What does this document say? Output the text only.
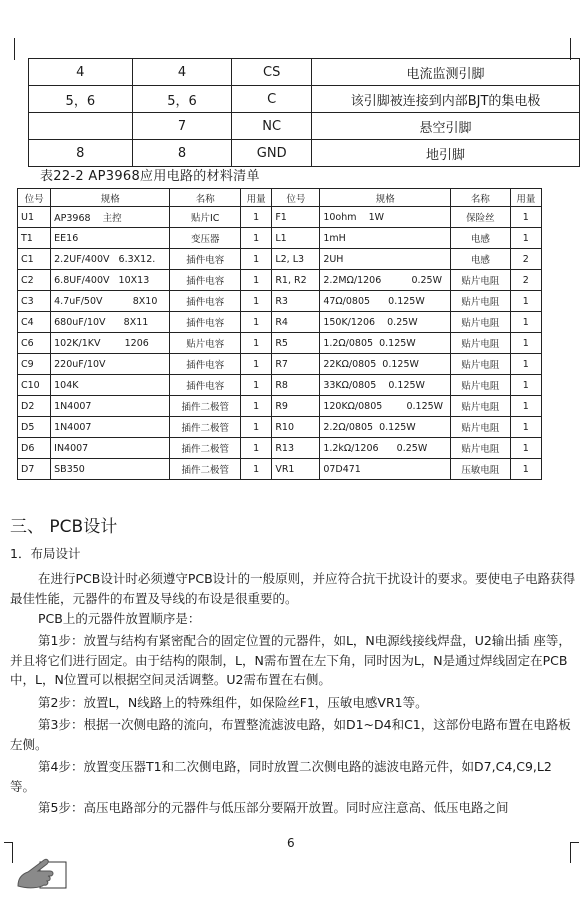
4	4	CS	电流监测引脚
5，6	5，6	C	该引脚被连接到内部BJT的集电极
	7	NC	悬空引脚
8	8	GND	地引脚
表22-2 AP3968应用电路的材料清单
位号	规格	名称	用量	位号	规格	名称	用量
U1	AP3968    主控	贴片IC	1	F1	10ohm    1W	保险丝	1
T1	EE16	变压器	1	L1	1mH	电感	1
C1	2.2UF/400V   6.3X12.	插件电容	1	L2, L3	2UH	电感	2
C2	6.8UF/400V   10X13	插件电容	1	R1, R2	2.2MΩ/1206          0.25W	贴片电阻	2
C3	4.7uF/50V          8X10	插件电容	1	R3	47Ω/0805      0.125W	贴片电阻	1
C4	680uF/10V      8X11	插件电容	1	R4	150K/1206    0.25W	贴片电阻	1
C6	102K/1KV        1206	贴片电容	1	R5	1.2Ω/0805  0.125W	贴片电阻	1
C9	220uF/10V	插件电容	1	R7	22KΩ/0805  0.125W	贴片电阻	1
C10	104K	插件电容	1	R8	33KΩ/0805    0.125W	贴片电阻	1
D2	1N4007	插件二极管	1	R9	120KΩ/0805        0.125W	贴片电阻	1
D5	1N4007	插件二极管	1	R10	2.2Ω/0805  0.125W	贴片电阻	1
D6	IN4007	插件二极管	1	R13	1.2kΩ/1206      0.25W	贴片电阻	1
D7	SB350	插件二极管	1	VR1	07D471	压敏电阻	1
三、 PCB设计
1．布局设计

在进行PCB设计时必须遵守PCB设计的一般原则，并应符合抗干扰设计的要求。要使电子电路获得最佳性能，元器件的布置及导线的布设是很重要的。

PCB上的元器件放置顺序是：

第1步：放置与结构有紧密配合的固定位置的元器件，如L，N电源线接线焊盘，U2输出插 座等，并且将它们进行固定。由于结构的限制，L，N需布置在左下角，同时因为L，N是通过焊线固定在PCB中，L，N位置可以根据空间灵活调整。U2需布置在右侧。

第2步：放置L，N线路上的特殊组件，如保险丝F1，压敏电感VR1等。

第3步：根据一次侧电路的流向，布置整流滤波电路，如D1~D4和C1，这部份电路布置在电路板左侧。

第4步：放置变压器T1和二次侧电路，同时放置二次侧电路的滤波电路元件，如D7,C4,C9,L2等。

第5步：高压电路部分的元器件与低压部分要隔开放置。同时应注意高、低压电路之间

6
